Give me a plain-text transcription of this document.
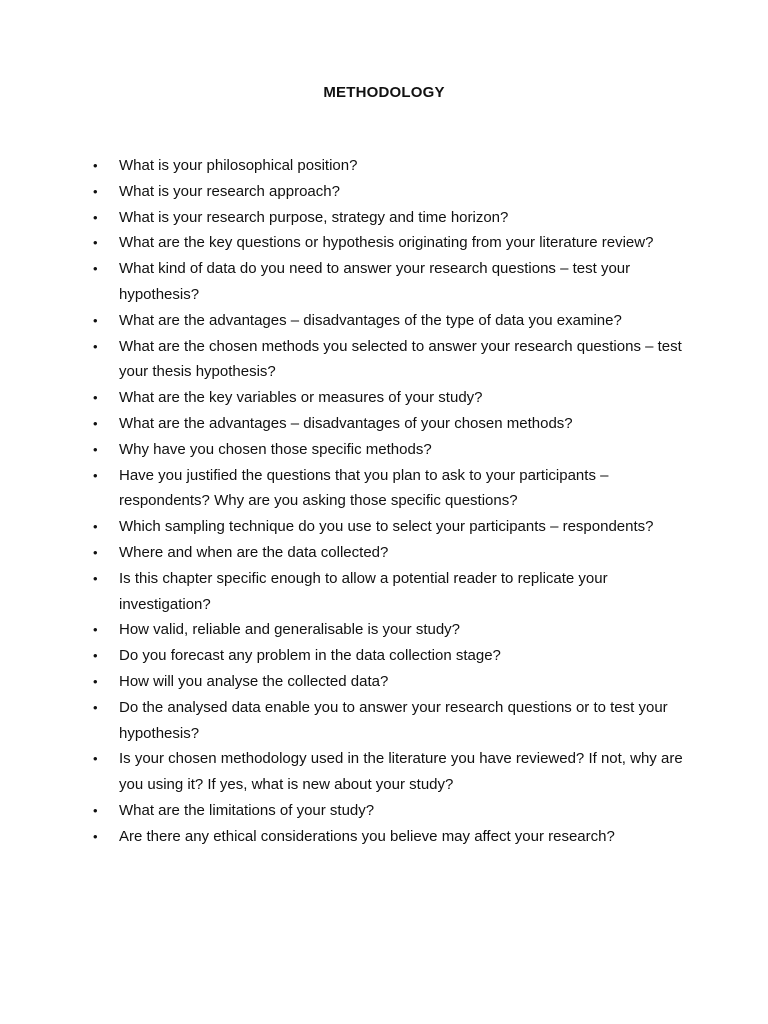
METHODOLOGY
• What is your philosophical position?
• What is your research approach?
• What is your research purpose, strategy and time horizon?
• What are the key questions or hypothesis originating from your literature review?
• What kind of data do you need to answer your research questions – test your hypothesis?
• What are the advantages – disadvantages of the type of data you examine?
• What are the chosen methods you selected to answer your research questions – test your thesis hypothesis?
• What are the key variables or measures of your study?
• What are the advantages – disadvantages of your chosen methods?
• Why have you chosen those specific methods?
• Have you justified the questions that you plan to ask to your participants – respondents? Why are you asking those specific questions?
• Which sampling technique do you use to select your participants – respondents?
• Where and when are the data collected?
• Is this chapter specific enough to allow a potential reader to replicate your investigation?
• How valid, reliable and generalisable is your study?
• Do you forecast any problem in the data collection stage?
• How will you analyse the collected data?
• Do the analysed data enable you to answer your research questions or to test your hypothesis?
• Is your chosen methodology used in the literature you have reviewed? If not, why are you using it? If yes, what is new about your study?
• What are the limitations of your study?
• Are there any ethical considerations you believe may affect your research?
